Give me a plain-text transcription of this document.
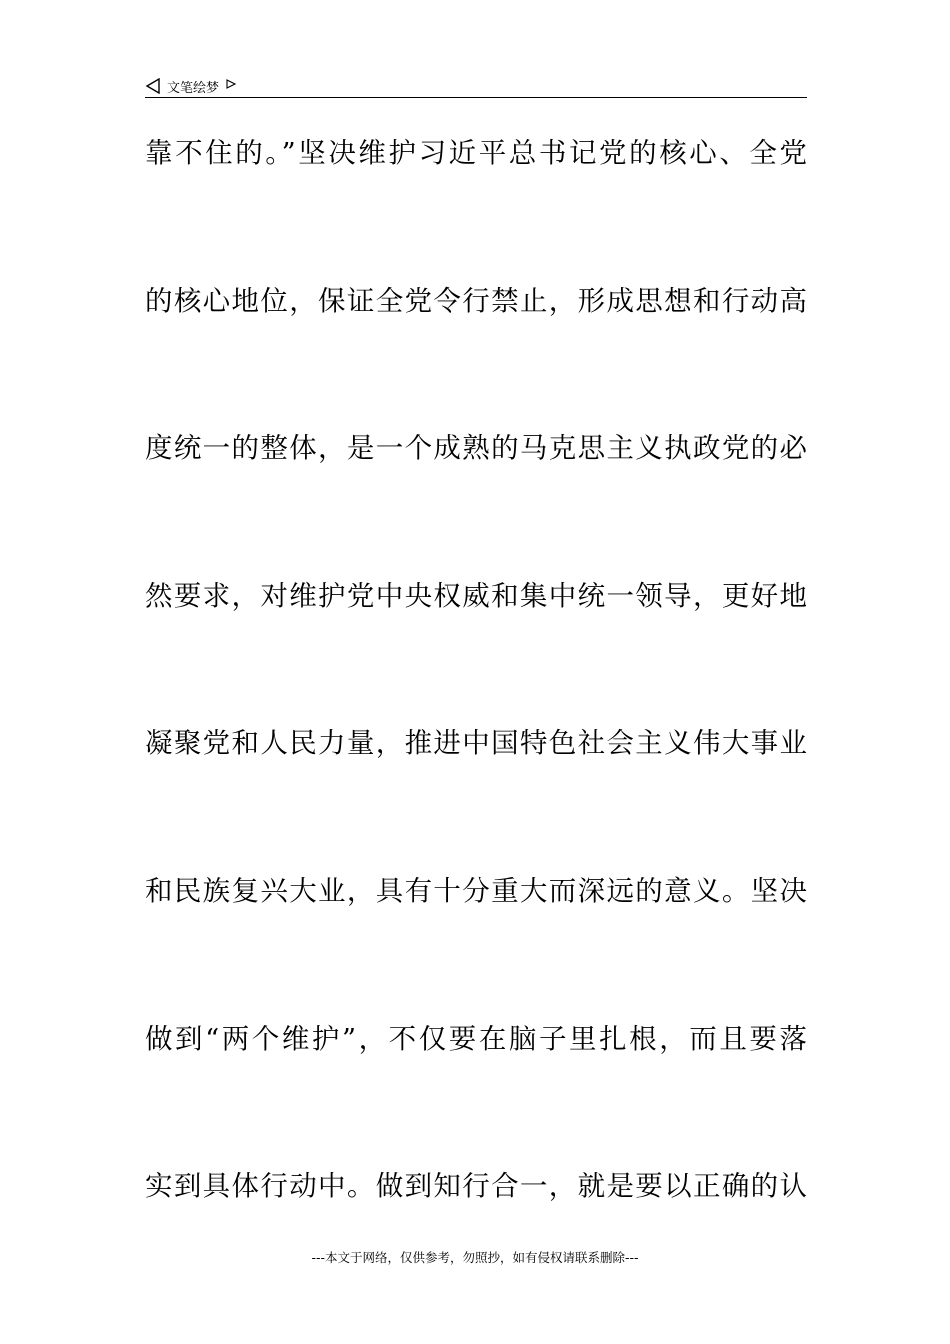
文笔绘梦
靠不住的。”坚决维护习近平总书记党的核心、全党
的核心地位，保证全党令行禁止，形成思想和行动高
度统一的整体，是一个成熟的马克思主义执政党的必
然要求，对维护党中央权威和集中统一领导，更好地
凝聚党和人民力量，推进中国特色社会主义伟大事业
和民族复兴大业，具有十分重大而深远的意义。坚决
做到“两个维护”，不仅要在脑子里扎根，而且要落
实到具体行动中。做到知行合一，就是要以正确的认
---本文于网络，仅供参考，勿照抄，如有侵权请联系删除---
